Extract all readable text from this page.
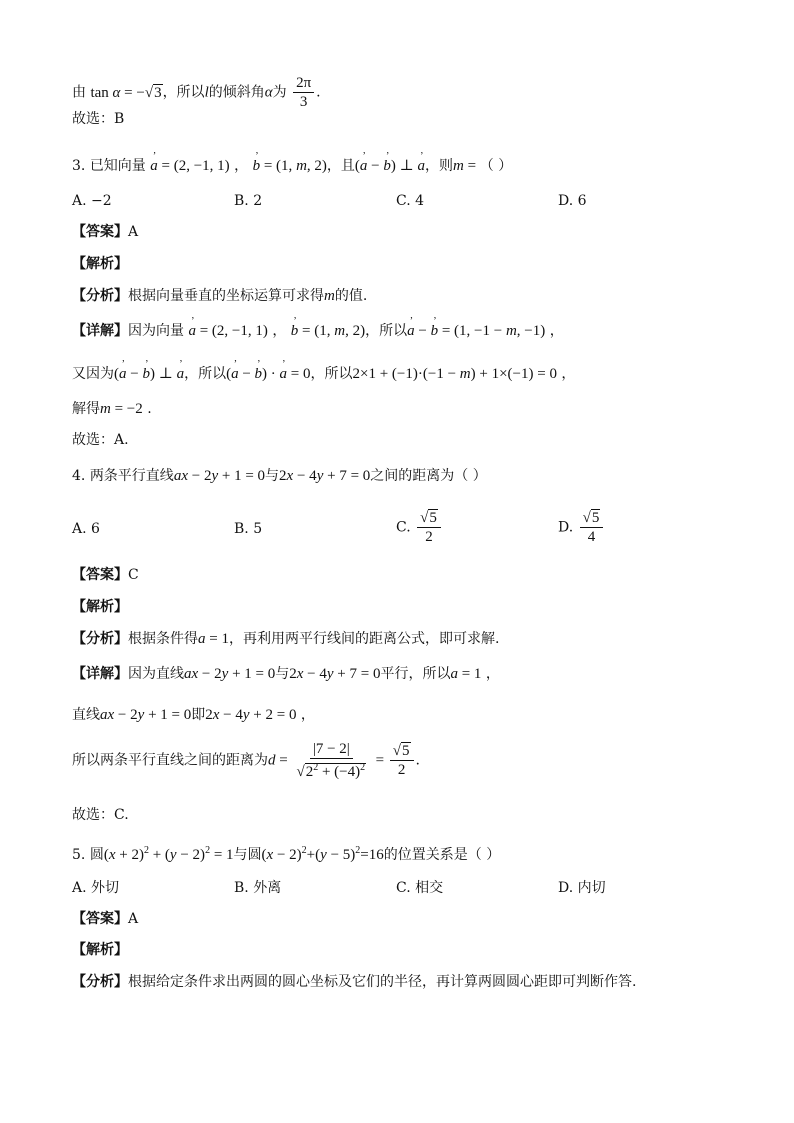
由 tan α = −√3，所以l的倾斜角α为 $\frac{2\pi}{3}$ .
故选：B
3. 已知向量 ’ a = (2, −1, 1) ， ’ b = (1, m, 2)，且(’ a − ’ b) ⊥ ’ a，则m = （ ）
A. −2	B. 2	C. 4	D. 6
【答案】A
【解析】
【分析】根据向量垂直的坐标运算可求得m的值.
【详解】因为向量 ’ a = (2, −1, 1) ， ’ b = (1, m, 2)，所以’ a − ’ b = (1, −1 − m, −1) ，
又因为(’ a − ’ b) ⊥ ’ a，所以(’ a − ’ b) · ’ a = 0，所以2×1 + (−1)·(−1 − m) + 1×(−1) = 0 ，
解得m = −2 .
故选：A.
4. 两条平行直线ax − 2y + 1 = 0与2x − 4y + 7 = 0之间的距离为（ ）
A. 6	B. 5	C. $\frac{√5}{2}$	D. $\frac{√5}{4}$
【答案】C
【解析】
【分析】根据条件得a = 1，再利用两平行线间的距离公式，即可求解.
【详解】因为直线ax − 2y + 1 = 0与2x − 4y + 7 = 0平行，所以a = 1 ，
直线ax − 2y + 1 = 0即2x − 4y + 2 = 0 ，
所以两条平行直线之间的距离为$d = \frac{|7 - 2|}{√2^2 + (-4)^2} = \frac{√5}{2}$ .
故选：C.
5. 圆$(x + 2)^2 + (y - 2)^2 = 1$与圆$(x - 2)^2+(y - 5)^2=16$的位置关系是（ ）
A. 外切	B. 外离	C. 相交	D. 内切
【答案】A
【解析】
【分析】根据给定条件求出两圆的圆心坐标及它们的半径，再计算两圆圆心距即可判断作答.
